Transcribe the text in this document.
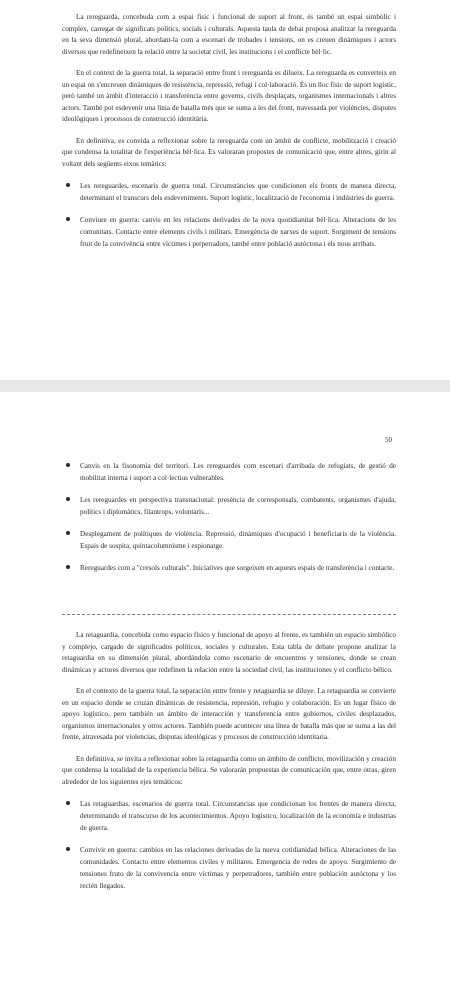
La rereguarda, concebuda com a espai físic i funcional de suport al front, és també un espai simbòlic i complex, carregat de significats polítics, socials i culturals. Aquesta taula de debat proposa analitzar la rereguarda en la seva dimensió plural, abordant-la com a escenari de trobades i tensions, on es creuen dinàmiques i actors diversos que redefineixen la relació entre la societat civil, les institucions i el conflicte bèl·lic.

En el context de la guerra total, la separació entre front i rereguarda es dilueix. La rereguarda es converteix en un espai on s'encreuen dinàmiques de resistència, repressió, refugi i col·laboració. És un lloc físic de suport logístic, però també un àmbit d'interacció i transferència entre governs, civils desplaçats, organismes internacionals i altres actors. També pot esdevenir una línia de batalla més que se suma a les del front, travessada per violències, disputes ideològiques i processos de construcció identitària.

En definitiva, es convida a reflexionar sobre la rereguarda com un àmbit de conflicte, mobilització i creació que condensa la totalitat de l'experiència bèl·lica. Es valoraran propostes de comunicació que, entre altres, girin al voltant dels següents eixos temàtics:

Les rereguardes, escenaris de guerra total. Circumstàncies que condicionen els fronts de manera directa, determinant el transcurs dels esdeveniments. Suport logístic, localització de l'economia i indústries de guerra.

Conviure en guerra: canvis en les relacions derivades de la nova quotidianitat bèl·lica. Alteracions de les comunitats. Contacte entre elements civils i militars. Emergència de xarxes de suport. Sorgiment de tensions fruit de la convivència entre víctimes i perpetradors, també entre població autòctona i els nous arribats.

50

Canvis en la fisonomia del territori. Les rereguardes com escenari d'arribada de refugiats, de gestió de mobilitat interna i suport a col·lectius vulnerables.

Les rereguardes en perspectiva transnacional: presència de corresponsals, combatents, organismes d'ajuda, polítics i diplomàtics, filantrops, voluntaris...

Desplegament de polítiques de violència. Repressió, dinàmiques d'ocupació i beneficiaris de la violència. Espais de sospita, quintacolumnisme i espionatge.

Rereguardes com a "cresols culturals". Iniciatives que sorgeixen en aquests espais de transferència i contacte.

La retaguardia, concebida como espacio físico y funcional de apoyo al frente, es también un espacio simbólico y complejo, cargado de significados políticos, sociales y culturales. Esta tabla de debate propone analizar la retaguardia en su dimensión plural, abordándola como escenario de encuentros y tensiones, donde se crean dinámicas y actores diversos que redefinen la relación entre la sociedad civil, las instituciones y el conflicto bélico.

En el contexto de la guerra total, la separación entre frente y retaguardia se diluye. La retaguardia se convierte en un espacio donde se cruzan dinámicas de resistencia, represión, refugio y colaboración. Es un lugar físico de apoyo logístico, pero también un ámbito de interacción y transferencia entre gobiernos, civiles desplazados, organismos internacionales y otros actores. También puede acontecer una línea de batalla más que se suma a las del frente, atravesada por violencias, disputas ideológicas y procesos de construcción identitaria.

En definitiva, se invita a reflexionar sobre la retaguardia como un ámbito de conflicto, movilización y creación que condensa la totalidad de la experiencia bélica. Se valorarán propuestas de comunicación que, entre otras, giren alrededor de los siguientes ejes temáticos:

Las retaguardias, escenarios de guerra total. Circunstancias que condicionan los frentes de manera directa, determinando el transcurso de los acontecimientos. Apoyo logístico, localización de la economía e industrias de guerra.

Convivir en guerra: cambios en las relaciones derivadas de la nueva cotidianidad bélica. Alteraciones de las comunidades. Contacto entre elementos civiles y militares. Emergencia de redes de apoyo. Surgimiento de tensiones fruto de la convivencia entre víctimas y perpetradores, también entre población autóctona y los recién llegados.
